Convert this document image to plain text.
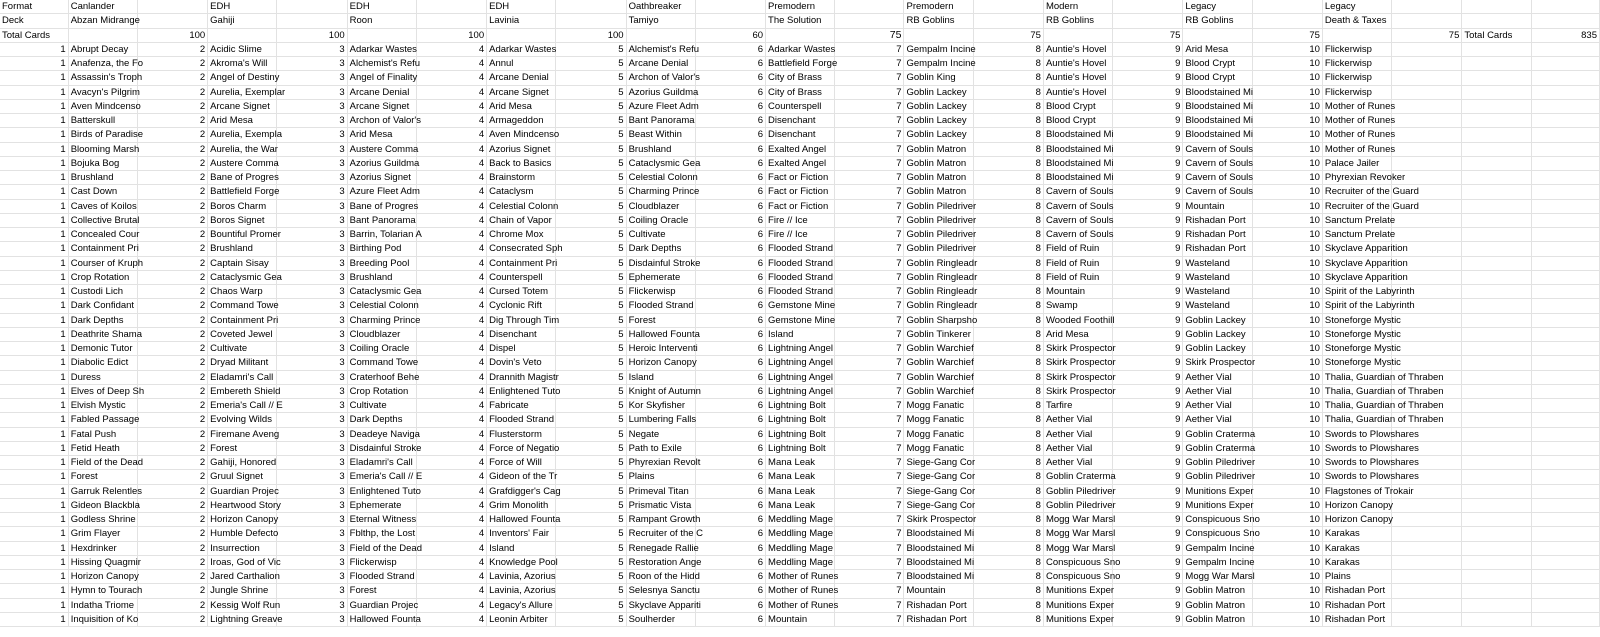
Format	Canlander		EDH		EDH		EDH		Oathbreaker		Premodern		Premodern		Modern		Legacy		Legacy			
Deck	Abzan Midrange		Gahiji		Roon		Lavinia		Tamiyo		The Solution		RB Goblins		RB Goblins		RB Goblins		Death & Taxes			
Total Cards		100		100		100		100		60		75		75		75		75		75	Total Cards	835
1	Abrupt Decay	2	Acidic Slime	3	Adarkar Wastes	4	Adarkar Wastes	5	Alchemist's Refu	6	Adarkar Wastes	7	Gempalm Incine	8	Auntie's Hovel	9	Arid Mesa	10	Flickerwisp			
1	Anafenza, the Fo	2	Akroma's Will	3	Alchemist's Refu	4	Annul	5	Arcane Denial	6	Battlefield Forge	7	Gempalm Incine	8	Auntie's Hovel	9	Blood Crypt	10	Flickerwisp			
1	Assassin's Troph	2	Angel of Destiny	3	Angel of Finality	4	Arcane Denial	5	Archon of Valor's	6	City of Brass	7	Goblin King	8	Auntie's Hovel	9	Blood Crypt	10	Flickerwisp			
1	Avacyn's Pilgrim	2	Aurelia, Exemplar	3	Arcane Denial	4	Arcane Signet	5	Azorius Guildma	6	City of Brass	7	Goblin Lackey	8	Auntie's Hovel	9	Bloodstained Mi	10	Flickerwisp			
1	Aven Mindcenso	2	Arcane Signet	3	Arcane Signet	4	Arid Mesa	5	Azure Fleet Adm	6	Counterspell	7	Goblin Lackey	8	Blood Crypt	9	Bloodstained Mi	10	Mother of Runes			
1	Batterskull	2	Arid Mesa	3	Archon of Valor's	4	Armageddon	5	Bant Panorama	6	Disenchant	7	Goblin Lackey	8	Blood Crypt	9	Bloodstained Mi	10	Mother of Runes			
1	Birds of Paradise	2	Aurelia, Exempla	3	Arid Mesa	4	Aven Mindcenso	5	Beast Within	6	Disenchant	7	Goblin Lackey	8	Bloodstained Mi	9	Bloodstained Mi	10	Mother of Runes			
1	Blooming Marsh	2	Aurelia, the War	3	Austere Comma	4	Azorius Signet	5	Brushland	6	Exalted Angel	7	Goblin Matron	8	Bloodstained Mi	9	Cavern of Souls	10	Mother of Runes			
1	Bojuka Bog	2	Austere Comma	3	Azorius Guildma	4	Back to Basics	5	Cataclysmic Gea	6	Exalted Angel	7	Goblin Matron	8	Bloodstained Mi	9	Cavern of Souls	10	Palace Jailer			
1	Brushland	2	Bane of Progres	3	Azorius Signet	4	Brainstorm	5	Celestial Colonn	6	Fact or Fiction	7	Goblin Matron	8	Bloodstained Mi	9	Cavern of Souls	10	Phyrexian Revoker			
1	Cast Down	2	Battlefield Forge	3	Azure Fleet Adm	4	Cataclysm	5	Charming Prince	6	Fact or Fiction	7	Goblin Matron	8	Cavern of Souls	9	Cavern of Souls	10	Recruiter of the Guard			
1	Caves of Koilos	2	Boros Charm	3	Bane of Progres	4	Celestial Colonn	5	Cloudblazer	6	Fact or Fiction	7	Goblin Piledriver	8	Cavern of Souls	9	Mountain	10	Recruiter of the Guard			
1	Collective Brutal	2	Boros Signet	3	Bant Panorama	4	Chain of Vapor	5	Coiling Oracle	6	Fire // Ice	7	Goblin Piledriver	8	Cavern of Souls	9	Rishadan Port	10	Sanctum Prelate			
1	Concealed Cour	2	Bountiful Promer	3	Barrin, Tolarian A	4	Chrome Mox	5	Cultivate	6	Fire // Ice	7	Goblin Piledriver	8	Cavern of Souls	9	Rishadan Port	10	Sanctum Prelate			
1	Containment Pri	2	Brushland	3	Birthing Pod	4	Consecrated Sph	5	Dark Depths	6	Flooded Strand	7	Goblin Piledriver	8	Field of Ruin	9	Rishadan Port	10	Skyclave Apparition			
1	Courser of Kruph	2	Captain Sisay	3	Breeding Pool	4	Containment Pri	5	Disdainful Stroke	6	Flooded Strand	7	Goblin Ringleadr	8	Field of Ruin	9	Wasteland	10	Skyclave Apparition			
1	Crop Rotation	2	Cataclysmic Gea	3	Brushland	4	Counterspell	5	Ephemerate	6	Flooded Strand	7	Goblin Ringleadr	8	Field of Ruin	9	Wasteland	10	Skyclave Apparition			
1	Custodi Lich	2	Chaos Warp	3	Cataclysmic Gea	4	Cursed Totem	5	Flickerwisp	6	Flooded Strand	7	Goblin Ringleadr	8	Mountain	9	Wasteland	10	Spirit of the Labyrinth			
1	Dark Confidant	2	Command Towe	3	Celestial Colonn	4	Cyclonic Rift	5	Flooded Strand	6	Gemstone Mine	7	Goblin Ringleadr	8	Swamp	9	Wasteland	10	Spirit of the Labyrinth			
1	Dark Depths	2	Containment Pri	3	Charming Prince	4	Dig Through Tim	5	Forest	6	Gemstone Mine	7	Goblin Sharpsho	8	Wooded Foothill	9	Goblin Lackey	10	Stoneforge Mystic			
1	Deathrite Shama	2	Coveted Jewel	3	Cloudblazer	4	Disenchant	5	Hallowed Founta	6	Island	7	Goblin Tinkerer	8	Arid Mesa	9	Goblin Lackey	10	Stoneforge Mystic			
1	Demonic Tutor	2	Cultivate	3	Coiling Oracle	4	Dispel	5	Heroic Interventi	6	Lightning Angel	7	Goblin Warchief	8	Skirk Prospector	9	Goblin Lackey	10	Stoneforge Mystic			
1	Diabolic Edict	2	Dryad Militant	3	Command Towe	4	Dovin's Veto	5	Horizon Canopy	6	Lightning Angel	7	Goblin Warchief	8	Skirk Prospector	9	Skirk Prospector	10	Stoneforge Mystic			
1	Duress	2	Eladamri's Call	3	Craterhoof Behe	4	Drannith Magistr	5	Island	6	Lightning Angel	7	Goblin Warchief	8	Skirk Prospector	9	Aether Vial	10	Thalia, Guardian of Thraben			
1	Elves of Deep Sh	2	Embereth Shield	3	Crop Rotation	4	Enlightened Tuto	5	Knight of Autumn	6	Lightning Angel	7	Goblin Warchief	8	Skirk Prospector	9	Aether Vial	10	Thalia, Guardian of Thraben			
1	Elvish Mystic	2	Emeria's Call // E	3	Cultivate	4	Fabricate	5	Kor Skyfisher	6	Lightning Bolt	7	Mogg Fanatic	8	Tarfire	9	Aether Vial	10	Thalia, Guardian of Thraben			
1	Fabled Passage	2	Evolving Wilds	3	Dark Depths	4	Flooded Strand	5	Lumbering Falls	6	Lightning Bolt	7	Mogg Fanatic	8	Aether Vial	9	Aether Vial	10	Thalia, Guardian of Thraben			
1	Fatal Push	2	Firemane Aveng	3	Deadeye Naviga	4	Flusterstorm	5	Negate	6	Lightning Bolt	7	Mogg Fanatic	8	Aether Vial	9	Goblin Craterma	10	Swords to Plowshares			
1	Fetid Heath	2	Forest	3	Disdainful Stroke	4	Force of Negatio	5	Path to Exile	6	Lightning Bolt	7	Mogg Fanatic	8	Aether Vial	9	Goblin Craterma	10	Swords to Plowshares			
1	Field of the Dead	2	Gahiji, Honored	3	Eladamri's Call	4	Force of Will	5	Phyrexian Revolt	6	Mana Leak	7	Siege-Gang Cor	8	Aether Vial	9	Goblin Piledriver	10	Swords to Plowshares			
1	Forest	2	Gruul Signet	3	Emeria's Call // E	4	Gideon of the Tr	5	Plains	6	Mana Leak	7	Siege-Gang Cor	8	Goblin Craterma	9	Goblin Piledriver	10	Swords to Plowshares			
1	Garruk Relentles	2	Guardian Projec	3	Enlightened Tuto	4	Grafdigger's Cag	5	Primeval Titan	6	Mana Leak	7	Siege-Gang Cor	8	Goblin Piledriver	9	Munitions Exper	10	Flagstones of Trokair			
1	Gideon Blackbla	2	Heartwood Story	3	Ephemerate	4	Grim Monolith	5	Prismatic Vista	6	Mana Leak	7	Siege-Gang Cor	8	Goblin Piledriver	9	Munitions Exper	10	Horizon Canopy			
1	Godless Shrine	2	Horizon Canopy	3	Eternal Witness	4	Hallowed Founta	5	Rampant Growth	6	Meddling Mage	7	Skirk Prospector	8	Mogg War Marsl	9	Conspicuous Sno	10	Horizon Canopy			
1	Grim Flayer	2	Humble Defecto	3	Fblthp, the Lost	4	Inventors' Fair	5	Recruiter of the C	6	Meddling Mage	7	Bloodstained Mi	8	Mogg War Marsl	9	Conspicuous Sno	10	Karakas			
1	Hexdrinker	2	Insurrection	3	Field of the Dead	4	Island	5	Renegade Rallie	6	Meddling Mage	7	Bloodstained Mi	8	Mogg War Marsl	9	Gempalm Incine	10	Karakas			
1	Hissing Quagmir	2	Iroas, God of Vic	3	Flickerwisp	4	Knowledge Pool	5	Restoration Ange	6	Meddling Mage	7	Bloodstained Mi	8	Conspicuous Sno	9	Gempalm Incine	10	Karakas			
1	Horizon Canopy	2	Jared Carthalion	3	Flooded Strand	4	Lavinia, Azorius	5	Roon of the Hidd	6	Mother of Runes	7	Bloodstained Mi	8	Conspicuous Sno	9	Mogg War Marsl	10	Plains			
1	Hymn to Tourach	2	Jungle Shrine	3	Forest	4	Lavinia, Azorius	5	Selesnya Sanctu	6	Mother of Runes	7	Mountain	8	Munitions Exper	9	Goblin Matron	10	Rishadan Port			
1	Indatha Triome	2	Kessig Wolf Run	3	Guardian Projec	4	Legacy's Allure	5	Skyclave Appariti	6	Mother of Runes	7	Rishadan Port	8	Munitions Exper	9	Goblin Matron	10	Rishadan Port			
1	Inquisition of Ko	2	Lightning Greave	3	Hallowed Founta	4	Leonin Arbiter	5	Soulherder	6	Mountain	7	Rishadan Port	8	Munitions Exper	9	Goblin Matron	10	Rishadan Port			
